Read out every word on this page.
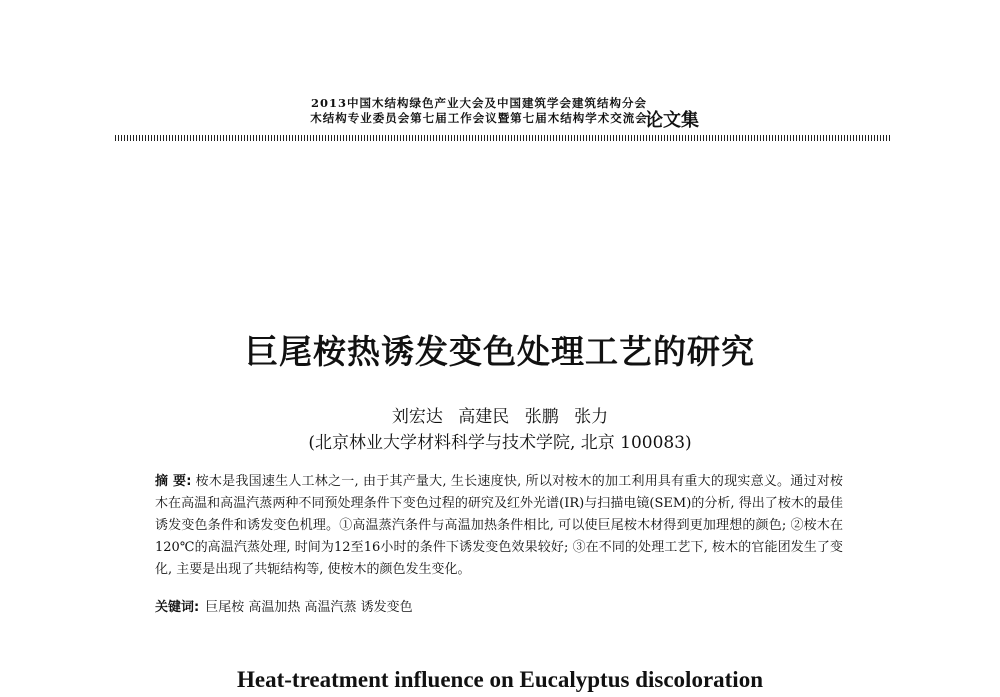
2013中国木结构绿色产业大会及中国建筑学会建筑结构分会
木结构专业委员会第七届工作会议暨第七届木结构学术交流会
论文集
巨尾桉热诱发变色处理工艺的研究
刘宏达 高建民 张鹏 张力
(北京林业大学材料科学与技术学院, 北京 100083)
摘 要: 桉木是我国速生人工林之一, 由于其产量大, 生长速度快, 所以对桉木的加工利用具有重大的现实意义。通过对桉木在高温和高温汽蒸两种不同预处理条件下变色过程的研究及红外光谱(IR)与扫描电镜(SEM)的分析, 得出了桉木的最佳诱发变色条件和诱发变色机理。①高温蒸汽条件与高温加热条件相比, 可以使巨尾桉木材得到更加理想的颜色; ②桉木在120℃的高温汽蒸处理, 时间为12至16小时的条件下诱发变色效果较好; ③在不同的处理工艺下, 桉木的官能团发生了变化, 主要是出现了共轭结构等, 使桉木的颜色发生变化。
关键词: 巨尾桉 高温加热 高温汽蒸 诱发变色
Heat-treatment influence on Eucalyptus discoloration
